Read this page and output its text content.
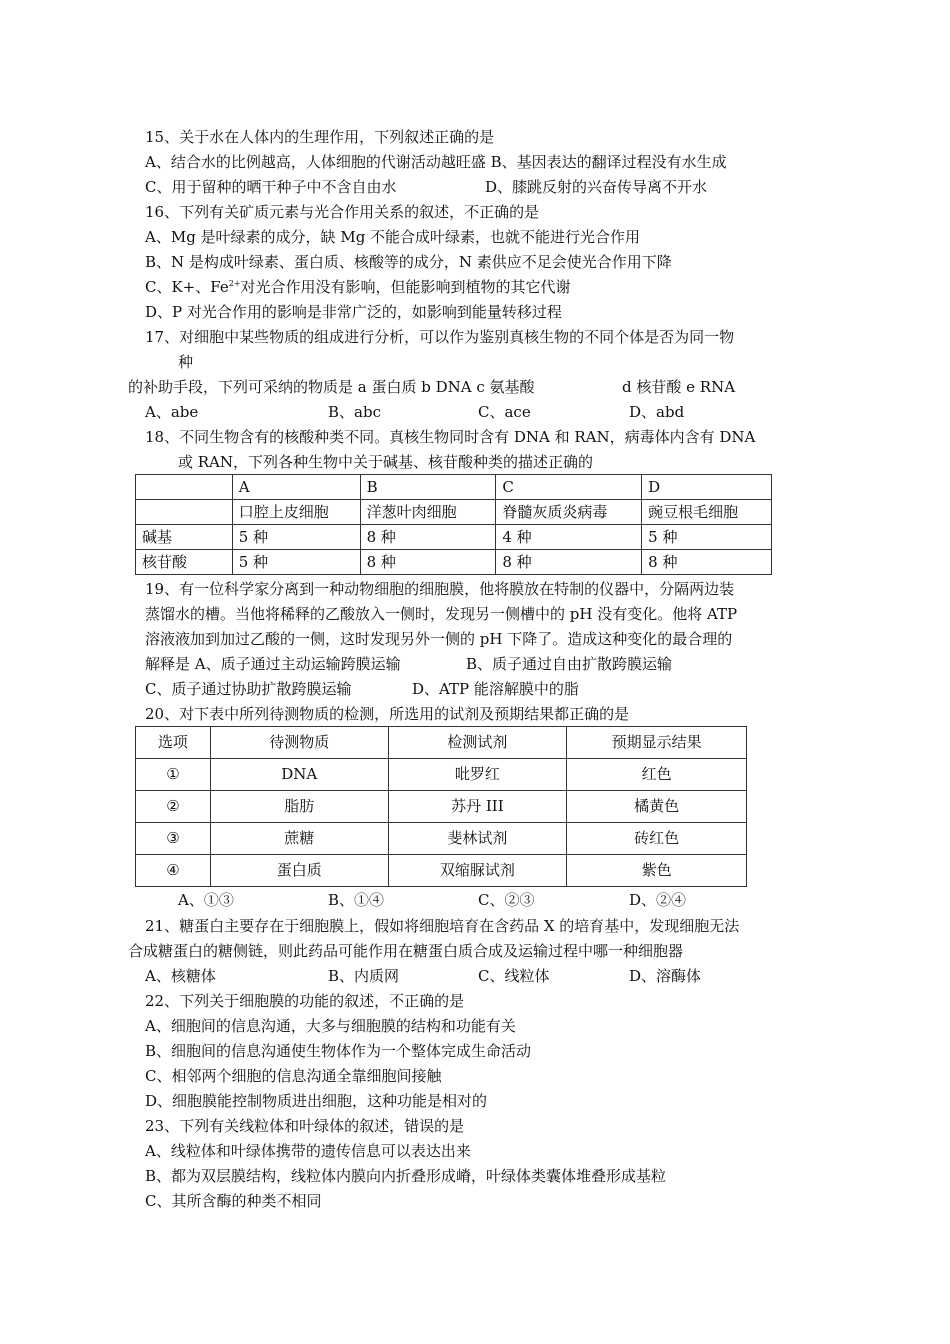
15、关于水在人体内的生理作用，下列叙述正确的是
A、结合水的比例越高，人体细胞的代谢活动越旺盛 B、基因表达的翻译过程没有水生成
C、用于留种的晒干种子中不含自由水	D、膝跳反射的兴奋传导离不开水
16、下列有关矿质元素与光合作用关系的叙述，不正确的是
A、Mg 是叶绿素的成分，缺 Mg 不能合成叶绿素，也就不能进行光合作用
B、N 是构成叶绿素、蛋白质、核酸等的成分，N 素供应不足会使光合作用下降
C、K+、$Fe^{2+}$对光合作用没有影响，但能影响到植物的其它代谢
D、P 对光合作用的影响是非常广泛的，如影响到能量转移过程
17、对细胞中某些物质的组成进行分析，可以作为鉴别真核生物的不同个体是否为同一物
种
的补助手段，下列可采纳的物质是 a 蛋白质 b DNA c 氨基酸	d 核苷酸 e RNA
A、abe	B、abc	C、ace	D、abd
18、不同生物含有的核酸种类不同。真核生物同时含有 DNA 和 RAN，病毒体内含有 DNA
或 RAN，下列各种生物中关于碱基、核苷酸种类的描述正确的
	A	B	C	D
	口腔上皮细胞	洋葱叶肉细胞	脊髓灰质炎病毒	豌豆根毛细胞
碱基	5 种	8 种	4 种	5 种
核苷酸	5 种	8 种	8 种	8 种
19、有一位科学家分离到一种动物细胞的细胞膜，他将膜放在特制的仪器中，分隔两边装
蒸馏水的槽。当他将稀释的乙酸放入一侧时，发现另一侧槽中的 pH 没有变化。他将 ATP
溶液液加到加过乙酸的一侧，这时发现另外一侧的 pH 下降了。造成这种变化的最合理的
解释是 A、质子通过主动运输跨膜运输	B、质子通过自由扩散跨膜运输
C、质子通过协助扩散跨膜运输	D、ATP 能溶解膜中的脂
20、对下表中所列待测物质的检测，所选用的试剂及预期结果都正确的是
选项	待测物质	检测试剂	预期显示结果
①	DNA	吡罗红	红色
②	脂肪	苏丹 III	橘黄色
③	蔗糖	斐林试剂	砖红色
④	蛋白质	双缩脲试剂	紫色
A、①③	B、①④	C、②③	D、②④
21、糖蛋白主要存在于细胞膜上，假如将细胞培育在含药品 X 的培育基中，发现细胞无法
合成糖蛋白的糖侧链，则此药品可能作用在糖蛋白质合成及运输过程中哪一种细胞器
A、核糖体	B、内质网	C、线粒体	D、溶酶体
22、下列关于细胞膜的功能的叙述，不正确的是
A、细胞间的信息沟通，大多与细胞膜的结构和功能有关
B、细胞间的信息沟通使生物体作为一个整体完成生命活动
C、相邻两个细胞的信息沟通全靠细胞间接触
D、细胞膜能控制物质进出细胞，这种功能是相对的
23、下列有关线粒体和叶绿体的叙述，错误的是
A、线粒体和叶绿体携带的遗传信息可以表达出来
B、都为双层膜结构，线粒体内膜向内折叠形成嵴，叶绿体类囊体堆叠形成基粒
C、其所含酶的种类不相同
